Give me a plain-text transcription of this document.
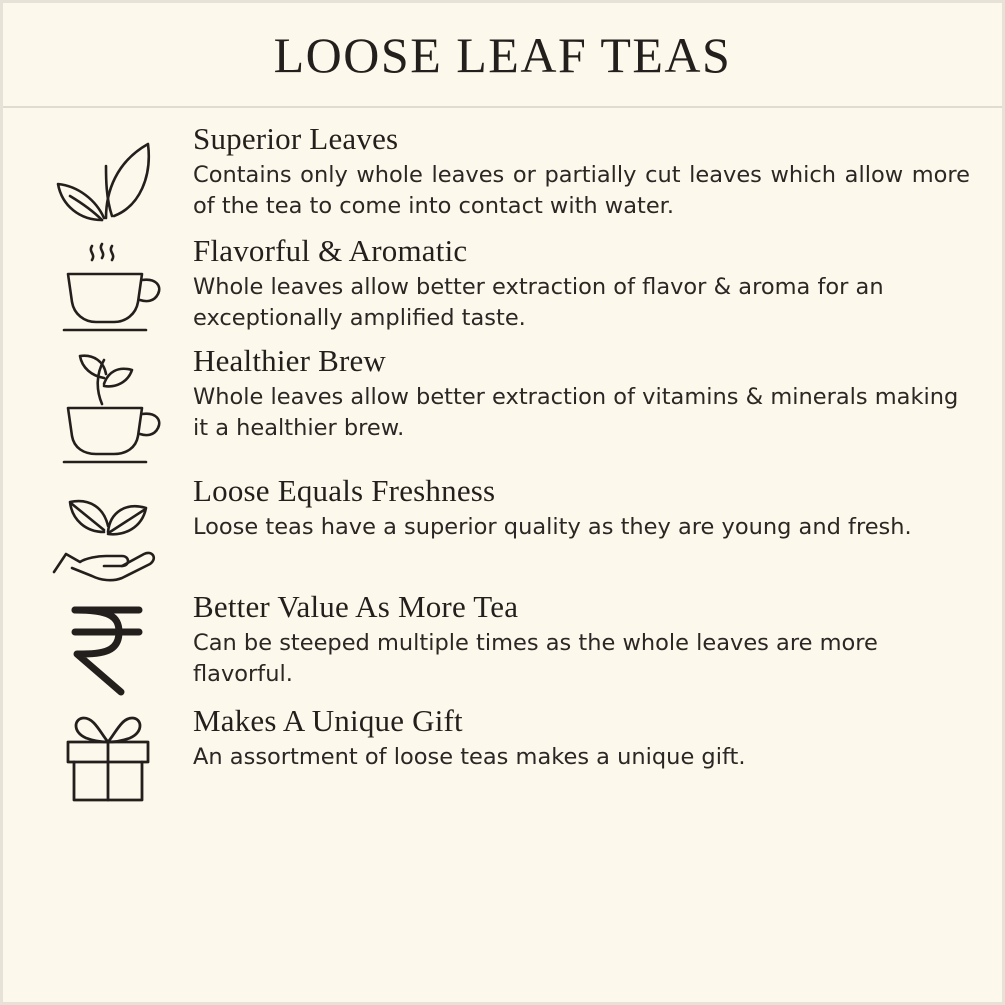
LOOSE LEAF TEAS

Superior Leaves

Contains only whole leaves or partially cut leaves which allow more of the tea to come into contact with water.

Flavorful & Aromatic

Whole leaves allow better extraction of flavor & aroma for an exceptionally amplified taste.

Healthier Brew

Whole leaves allow better extraction of vitamins & minerals making it a healthier brew.

Loose Equals Freshness

Loose teas have a superior quality as they are young and fresh.

Better Value As More Tea

Can be steeped multiple times as the whole leaves are more flavorful.

Makes A Unique Gift

An assortment of loose teas makes a unique gift.
